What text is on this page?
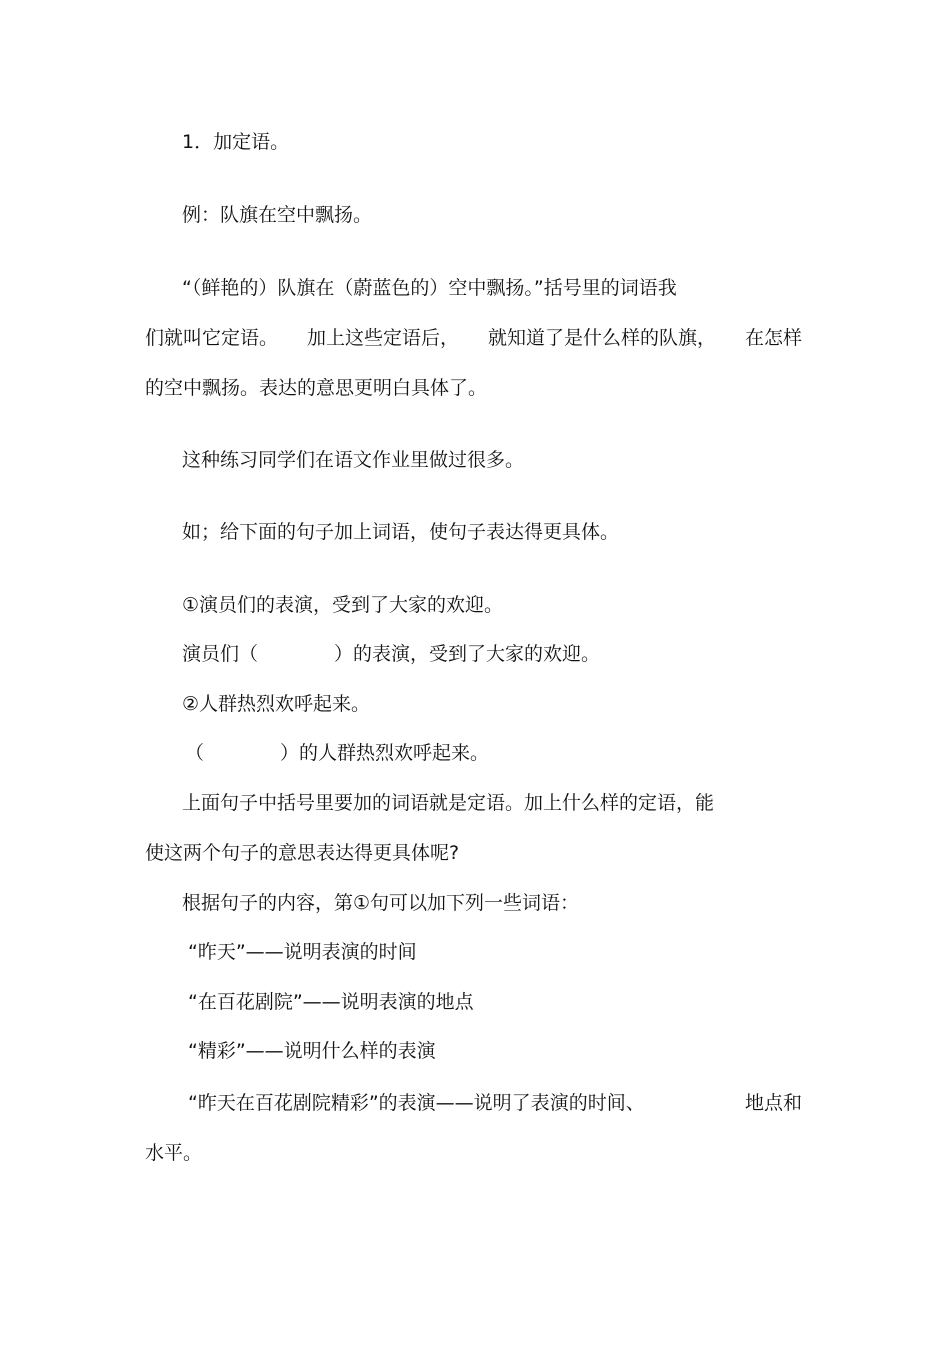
1．加定语。
例：队旗在空中飘扬。
“（鲜艳的）队旗在（蔚蓝色的）空中飘扬。”括号里的词语我
们就叫它定语。 加上这些定语后， 就知道了是什么样的队旗， 在怎样
的空中飘扬。表达的意思更明白具体了。
这种练习同学们在语文作业里做过很多。
如；给下面的句子加上词语，使句子表达得更具体。
①演员们的表演，受到了大家的欢迎。
演员们（　　　　）的表演，受到了大家的欢迎。
②人群热烈欢呼起来。
（　　　　）的人群热烈欢呼起来。
上面句子中括号里要加的词语就是定语。加上什么样的定语，能
使这两个句子的意思表达得更具体呢?
根据句子的内容，第①句可以加下列一些词语：
“昨天”——说明表演的时间
“在百花剧院”——说明表演的地点
“精彩”——说明什么样的表演
“昨天在百花剧院精彩”的表演——说明了表演的时间、	地点和
水平。
